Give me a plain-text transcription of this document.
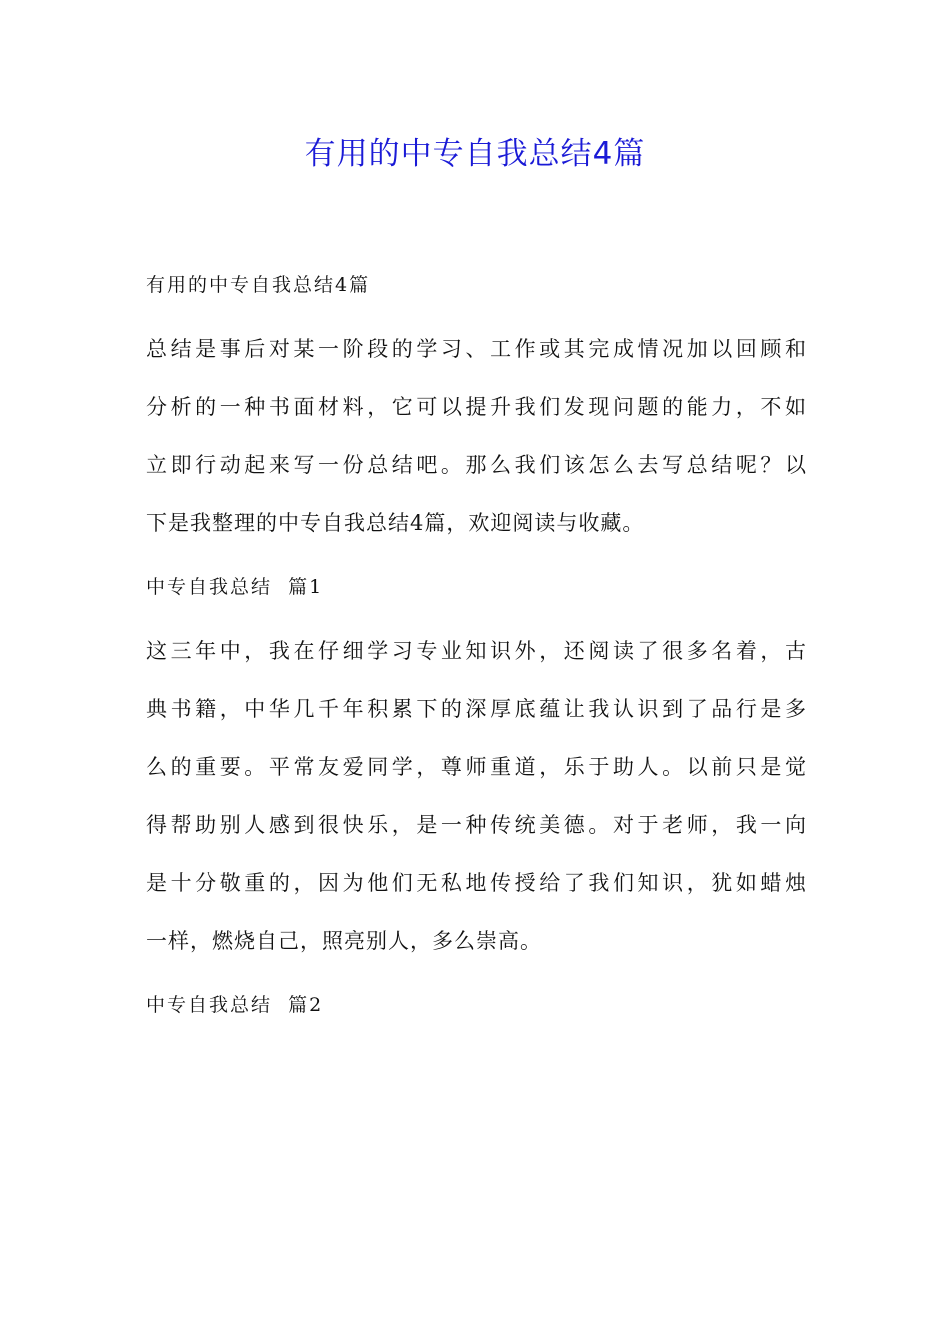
有用的中专自我总结4篇

有用的中专自我总结4篇

总结是事后对某一阶段的学习、工作或其完成情况加以回顾和
分析的一种书面材料，它可以提升我们发现问题的能力，不如
立即行动起来写一份总结吧。那么我们该怎么去写总结呢？以
下是我整理的中专自我总结4篇，欢迎阅读与收藏。

中专自我总结  篇1

这三年中，我在仔细学习专业知识外，还阅读了很多名着，古
典书籍，中华几千年积累下的深厚底蕴让我认识到了品行是多
么的重要。平常友爱同学，尊师重道，乐于助人。以前只是觉
得帮助别人感到很快乐，是一种传统美德。对于老师，我一向
是十分敬重的，因为他们无私地传授给了我们知识，犹如蜡烛
一样，燃烧自己，照亮别人，多么崇高。

中专自我总结  篇2
